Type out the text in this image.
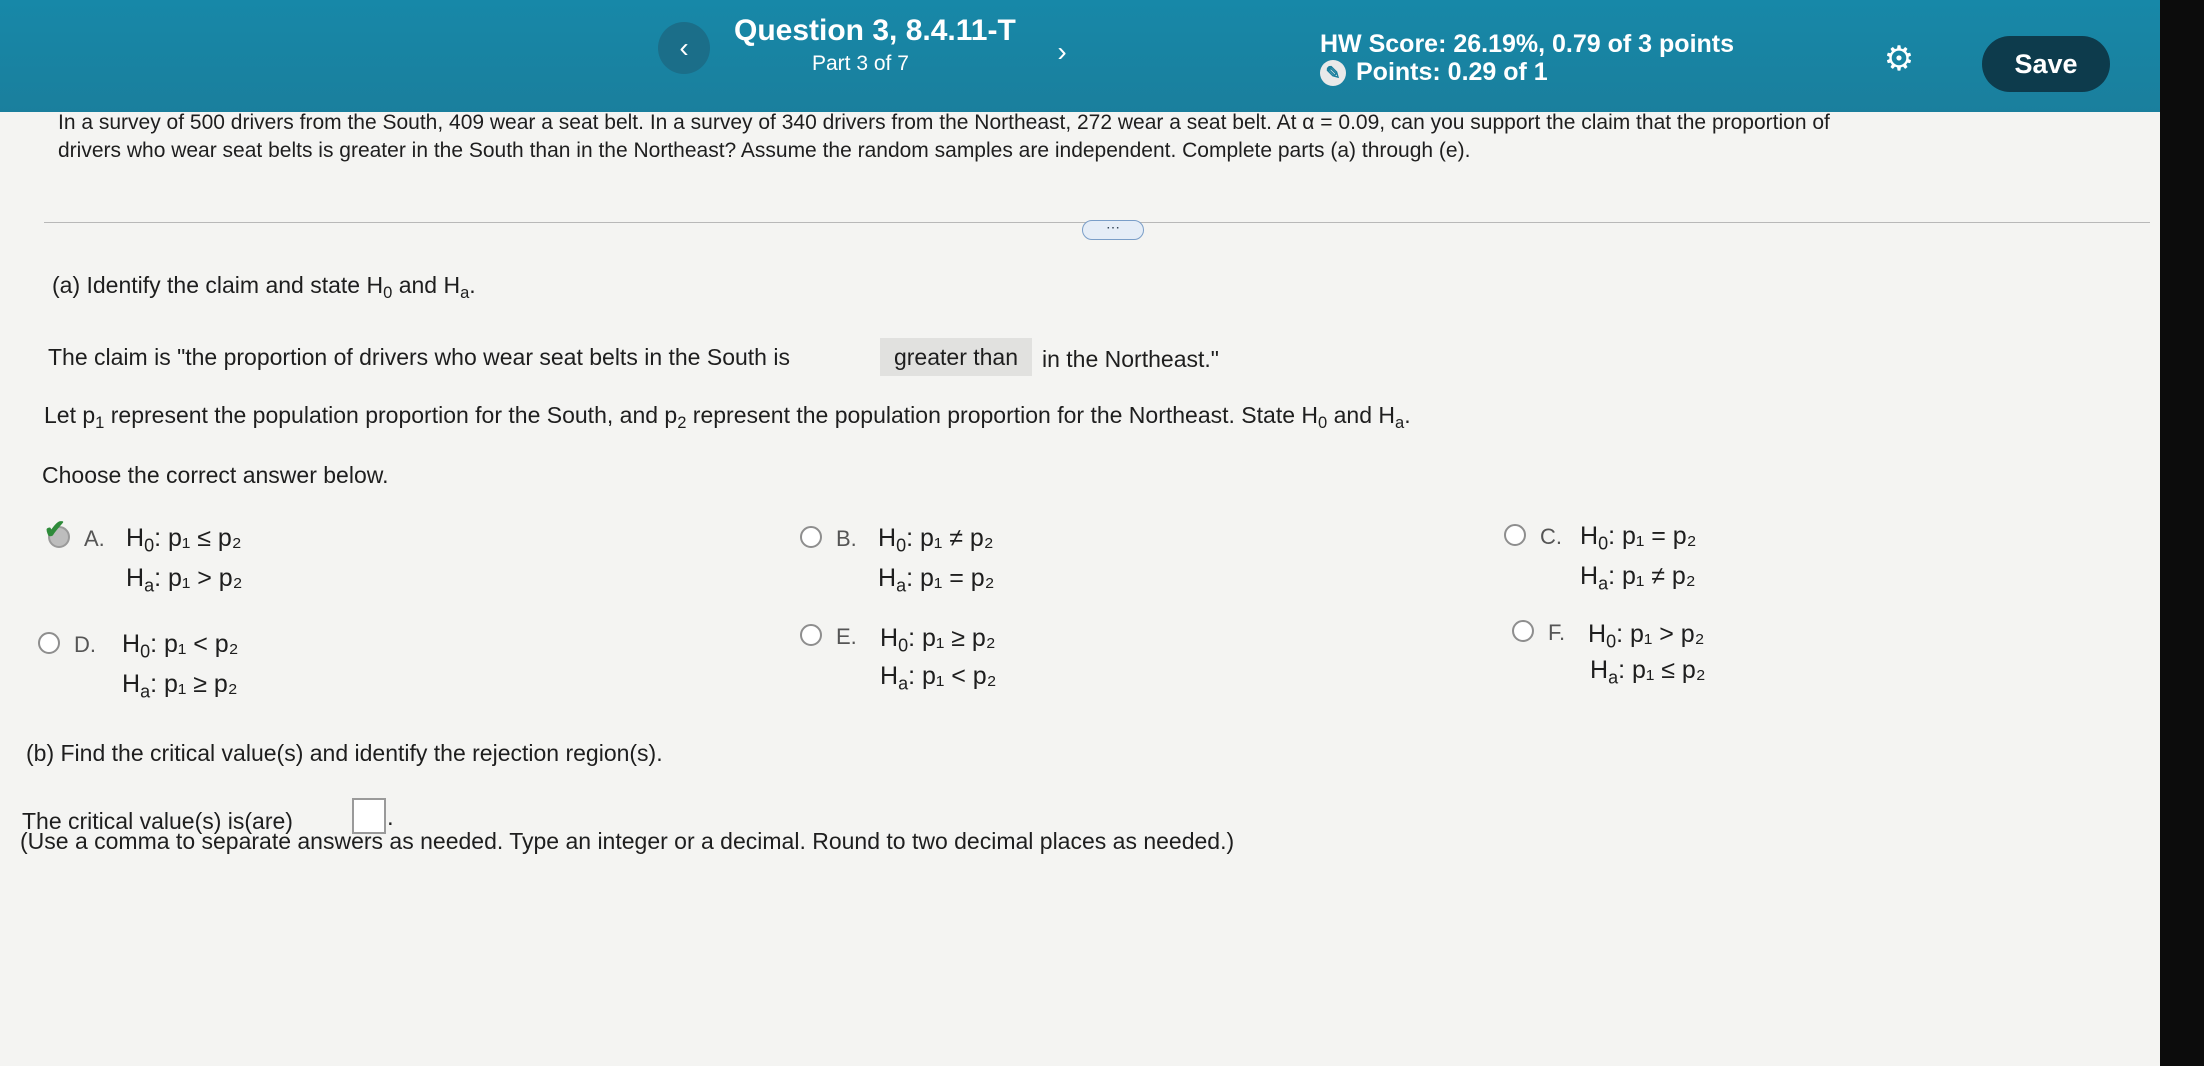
‹
Question 3, 8.4.11-T
Part 3 of 7	›	HW Score: 26.19%, 0.79 of 3 points
✎ Points: 0.29 of 1	⚙	Save
In a survey of 500 drivers from the South, 409 wear a seat belt. In a survey of 340 drivers from the Northeast, 272 wear a seat belt. At α = 0.09, can you support the claim that the proportion of
drivers who wear seat belts is greater in the South than in the Northeast? Assume the random samples are independent. Complete parts (a) through (e).
⋯
(a) Identify the claim and state $H_0$ and $H_a$.
The claim is "the proportion of drivers who wear seat belts in the South is	greater than	in the Northeast."
Let $p_1$ represent the population proportion for the South, and $p_2$ represent the population proportion for the Northeast. State $H_0$ and $H_a$.
Choose the correct answer below.
✔ A. $H_0$: p₁ ≤ p₂
$H_a$: p₁ > p₂
B. $H_0$: p₁ ≠ p₂
$H_a$: p₁ = p₂
C. $H_0$: p₁ = p₂
$H_a$: p₁ ≠ p₂
D. $H_0$: p₁ < p₂
$H_a$: p₁ ≥ p₂
E. $H_0$: p₁ ≥ p₂
$H_a$: p₁ < p₂
F. $H_0$: p₁ > p₂
$H_a$: p₁ ≤ p₂
(b) Find the critical value(s) and identify the rejection region(s).
The critical value(s) is(are)	.
(Use a comma to separate answers as needed. Type an integer or a decimal. Round to two decimal places as needed.)
